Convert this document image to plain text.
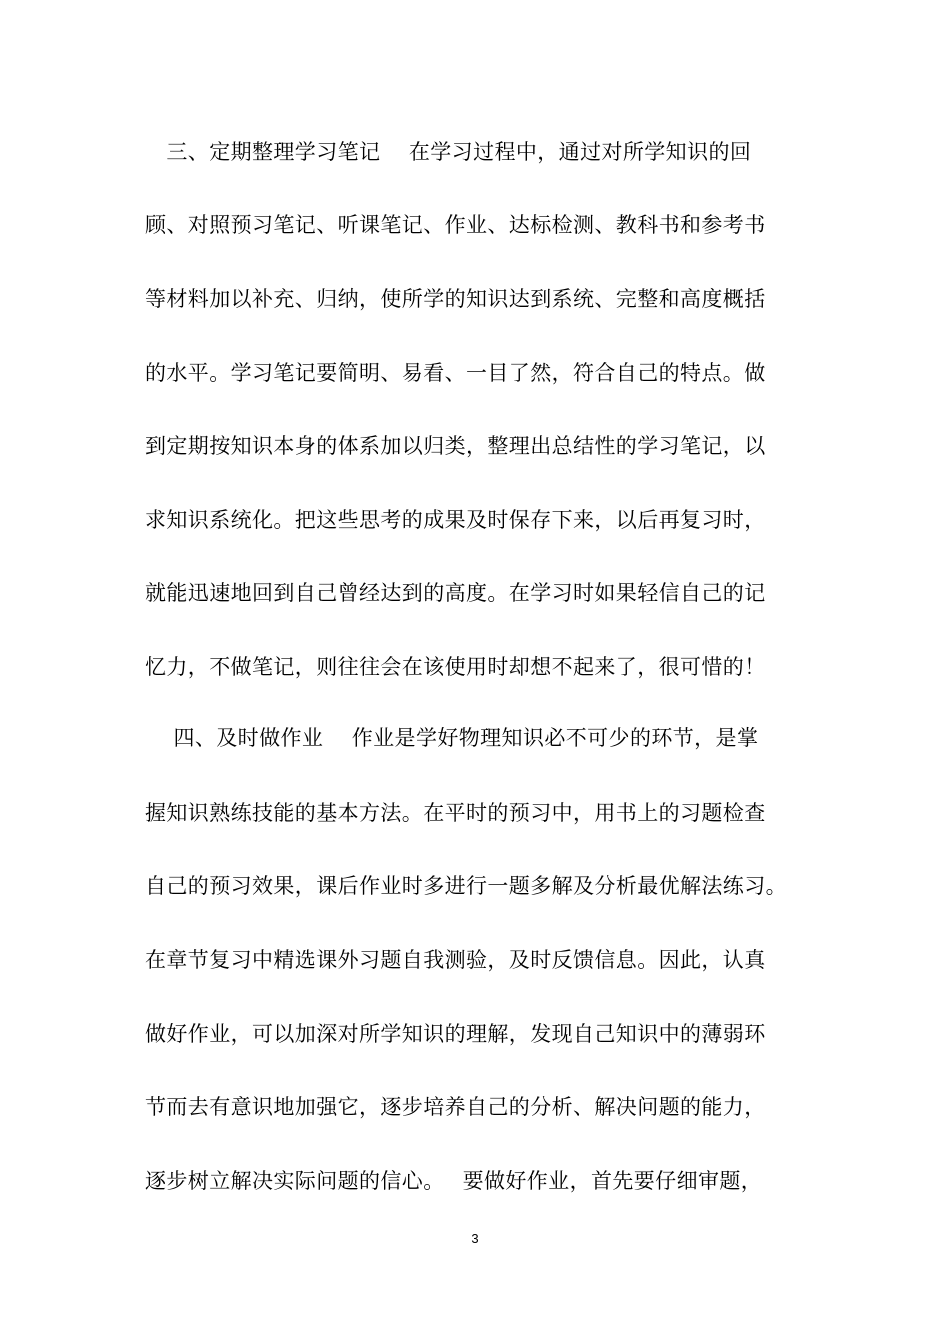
　三、定期整理学习笔记　 在学习过程中，通过对所学知识的回
顾、对照预习笔记、听课笔记、作业、达标检测、教科书和参考书
等材料加以补充、归纳，使所学的知识达到系统、完整和高度概括
的水平。学习笔记要简明、易看、一目了然，符合自己的特点。做
到定期按知识本身的体系加以归类，整理出总结性的学习笔记，以
求知识系统化。把这些思考的成果及时保存下来，以后再复习时，
就能迅速地回到自己曾经达到的高度。在学习时如果轻信自己的记
忆力，不做笔记，则往往会在该使用时却想不起来了，很可惜的！
　 四、及时做作业　 作业是学好物理知识必不可少的环节，是掌
握知识熟练技能的基本方法。在平时的预习中，用书上的习题检查
自己的预习效果，课后作业时多进行一题多解及分析最优解法练习。
在章节复习中精选课外习题自我测验，及时反馈信息。因此，认真
做好作业，可以加深对所学知识的理解，发现自己知识中的薄弱环
节而去有意识地加强它，逐步培养自己的分析、解决问题的能力，
逐步树立解决实际问题的信心。　 要做好作业，首先要仔细审题，
3
